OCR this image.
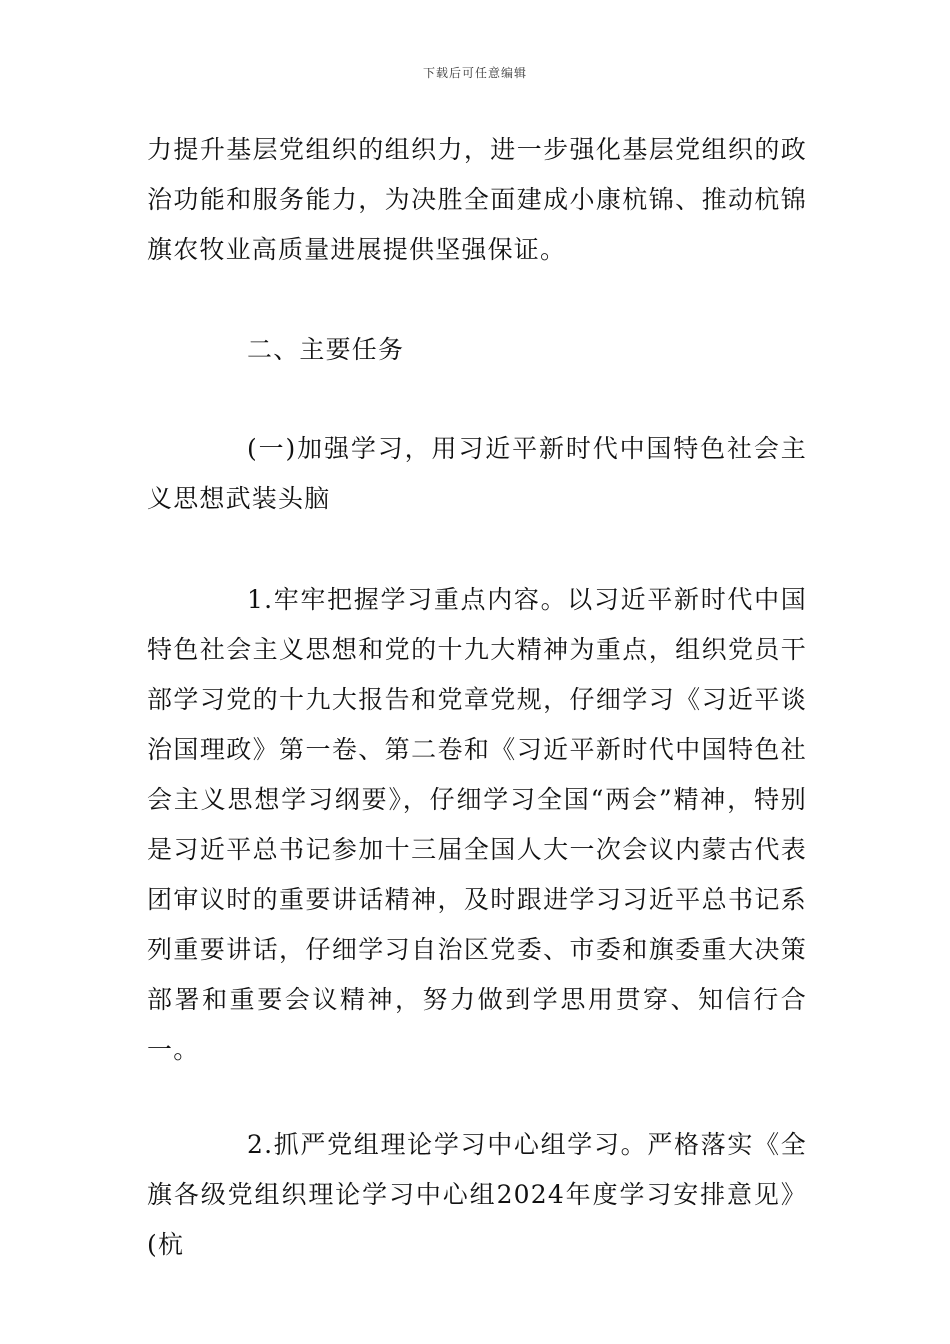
下载后可任意编辑
力提升基层党组织的组织力，进一步强化基层党组织的政治功能和服务能力，为决胜全面建成小康杭锦、推动杭锦旗农牧业高质量进展提供坚强保证。
二、主要任务
(一)加强学习，用习近平新时代中国特色社会主义思想武装头脑
1.牢牢把握学习重点内容。以习近平新时代中国特色社会主义思想和党的十九大精神为重点，组织党员干部学习党的十九大报告和党章党规，仔细学习《习近平谈治国理政》第一卷、第二卷和《习近平新时代中国特色社会主义思想学习纲要》，仔细学习全国“两会”精神，特别是习近平总书记参加十三届全国人大一次会议内蒙古代表团审议时的重要讲话精神，及时跟进学习习近平总书记系列重要讲话，仔细学习自治区党委、市委和旗委重大决策部署和重要会议精神，努力做到学思用贯穿、知信行合一。
2.抓严党组理论学习中心组学习。严格落实《全旗各级党组织理论学习中心组2024年度学习安排意见》(杭
